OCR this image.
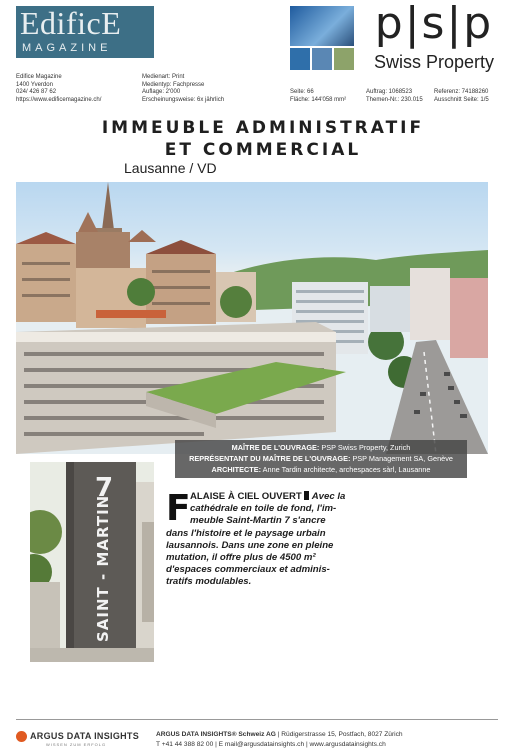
EdificE
MAGAZINE	p|s|p
Swiss Property
Edifice Magazine
1400 Yverdon
024/ 426 87 62
https://www.edificemagazine.ch/
Medienart: Print
Medientyp: Fachpresse
Auflage: 2'000
Erscheinungsweise: 6x jährlich
Seite: 66
Fläche: 144'058 mm²
Auftrag: 1068523
Themen-Nr.: 230.015
Referenz: 74188260
Ausschnitt Seite: 1/5
IMMEUBLE ADMINISTRATIF
ET COMMERCIAL
Lausanne / VD
MAÎTRE DE L'OUVRAGE: PSP Swiss Property, Zurich
REPRÉSENTANT DU MAÎTRE DE L'OUVRAGE: PSP Management SA, Genève
ARCHITECTE: Anne Tardin architecte, archespaces sàrl, Lausanne
7
SAINT - MARTIN F ALAISE À CIEL OUVERT Avec la
cathédrale en toile de fond, l'im-
meuble Saint-Martin 7 s'ancre
dans l'histoire et le paysage urbain
lausannois. Dans une zone en pleine
mutation, il offre plus de 4500 m²
d'espaces commerciaux et adminis-
tratifs modulables.
ARGUS DATA INSIGHTS
WISSEN ZUM ERFOLG
ARGUS DATA INSIGHTS® Schweiz AG | Rüdigerstrasse 15, Postfach, 8027 Zürich
T +41 44 388 82 00 | E mail@argusdatainsights.ch | www.argusdatainsights.ch
